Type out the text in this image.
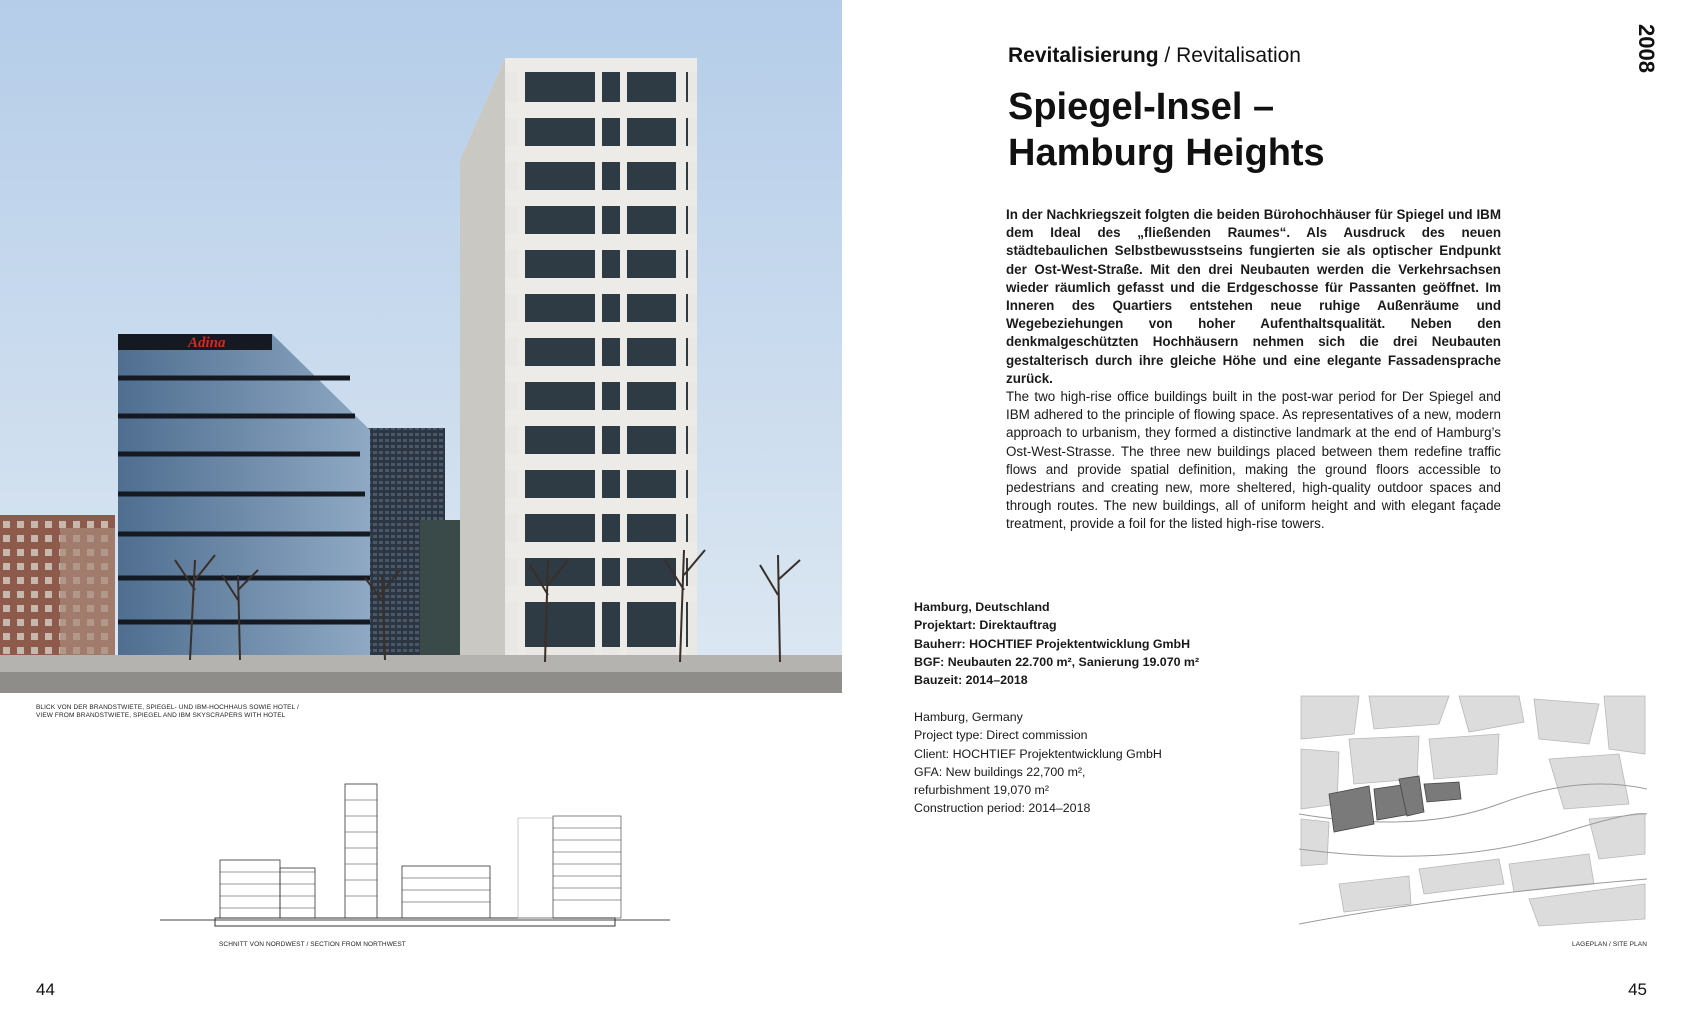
Adina
BLICK VON DER BRANDSTWIETE, SPIEGEL- UND IBM-HOCHHAUS SOWIE HOTEL /
VIEW FROM BRANDSTWIETE, SPIEGEL AND IBM SKYSCRAPERS WITH HOTEL
SCHNITT VON NORDWEST / SECTION FROM NORTHWEST
44
Revitalisierung / Revitalisation
Spiegel-Insel –
Hamburg Heights
2008

In der Nachkriegszeit folgten die beiden Bürohochhäuser für Spiegel und IBM dem Ideal des „fließenden Raumes“. Als Ausdruck des neuen städtebaulichen Selbstbewusstseins fungierten sie als optischer Endpunkt der Ost-West-Straße. Mit den drei Neubauten werden die Verkehrsachsen wieder räumlich gefasst und die Erdgeschosse für Passanten geöffnet. Im Inneren des Quartiers entstehen neue ruhige Außenräume und Wegebeziehungen von hoher Aufenthaltsqualität. Neben den denkmalgeschützten Hochhäusern nehmen sich die drei Neubauten gestalterisch durch ihre gleiche Höhe und eine elegante Fassadensprache zurück.

The two high-rise office buildings built in the post-war period for Der Spiegel and IBM adhered to the principle of flowing space. As representatives of a new, modern approach to urbanism, they formed a distinctive landmark at the end of Hamburg’s Ost-West-Strasse. The three new buildings placed between them redefine traffic flows and provide spatial definition, making the ground floors accessible to pedestrians and creating new, more sheltered, high-quality outdoor spaces and through routes. The new buildings, all of uniform height and with elegant façade treatment, provide a foil for the listed high-rise towers.

Hamburg, Deutschland
Projektart: Direktauftrag
Bauherr: HOCHTIEF Projektentwicklung GmbH
BGF: Neubauten 22.700 m², Sanierung 19.070 m²
Bauzeit: 2014–2018
Hamburg, Germany
Project type: Direct commission
Client: HOCHTIEF Projektentwicklung GmbH
GFA: New buildings 22,700 m²,
refurbishment 19,070 m²
Construction period: 2014–2018
LAGEPLAN / SITE PLAN
45
